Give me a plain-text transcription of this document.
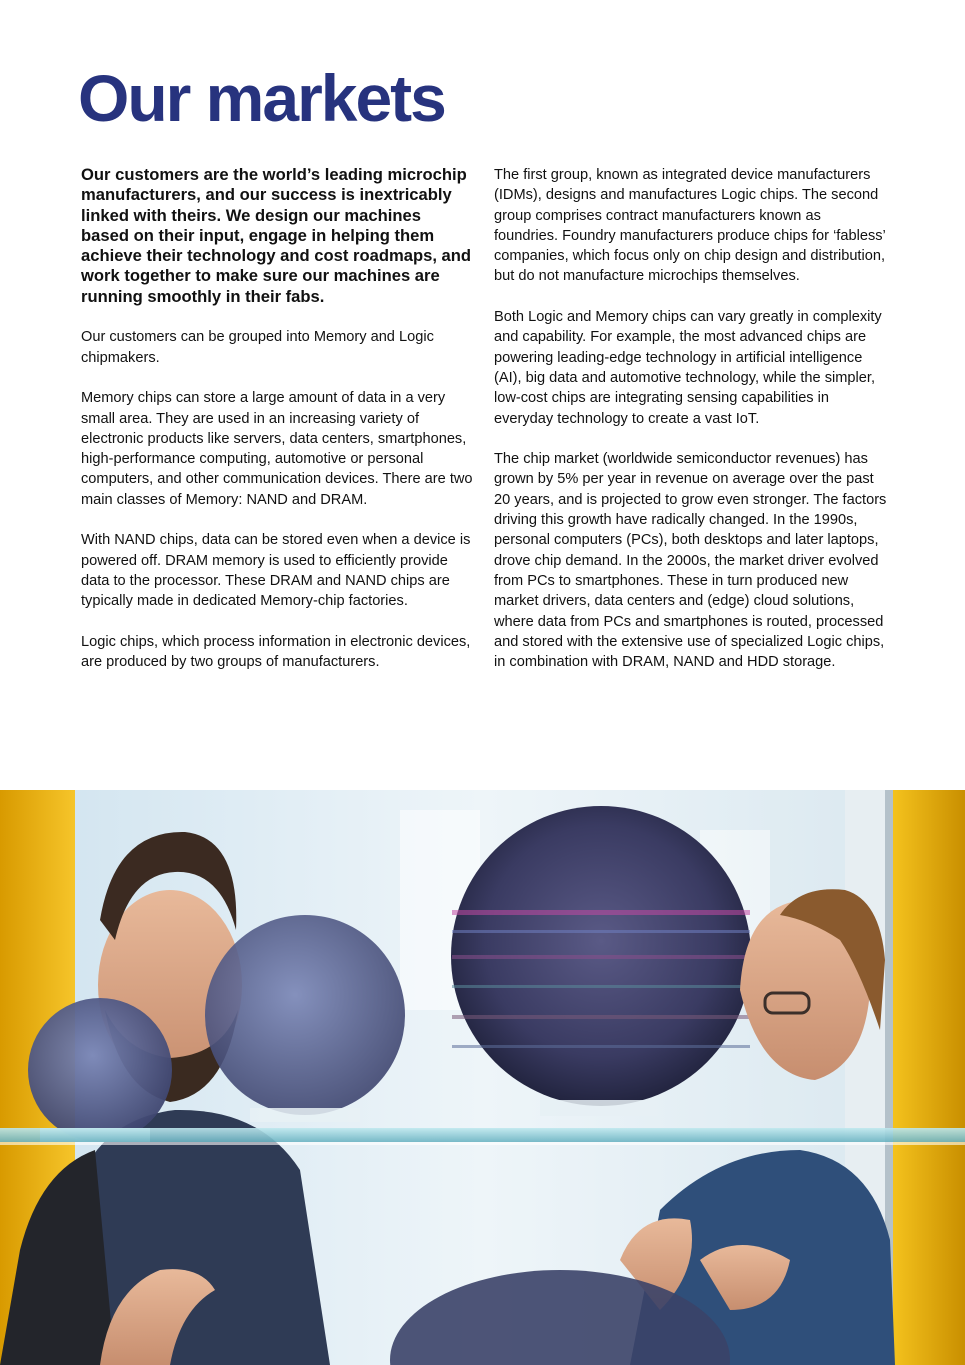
Our markets

Our customers are the world’s leading microchip manufacturers, and our success is inextricably linked with theirs. We design our machines based on their input, engage in helping them achieve their technology and cost roadmaps, and work together to make sure our machines are running smoothly in their fabs.

Our customers can be grouped into Memory and Logic chipmakers.

Memory chips can store a large amount of data in a very small area. They are used in an increasing variety of electronic products like servers, data centers, smartphones, high-performance computing, automotive or personal computers, and other communication devices. There are two main classes of Memory: NAND and DRAM.

With NAND chips, data can be stored even when a device is powered off. DRAM memory is used to efficiently provide data to the processor. These DRAM and NAND chips are typically made in dedicated Memory-chip factories.

Logic chips, which process information in electronic devices, are produced by two groups of manufacturers.

The first group, known as integrated device manufacturers (IDMs), designs and manufactures Logic chips. The second group comprises contract manufacturers known as foundries. Foundry manufacturers produce chips for ‘fabless’ companies, which focus only on chip design and distribution, but do not manufacture microchips themselves.

Both Logic and Memory chips can vary greatly in complexity and capability. For example, the most advanced chips are powering leading-edge technology in artificial intelligence (AI), big data and automotive technology, while the simpler, low-cost chips are integrating sensing capabilities in everyday technology to create a vast IoT.

The chip market (worldwide semiconductor revenues) has grown by 5% per year in revenue on average over the past 20 years, and is projected to grow even stronger. The factors driving this growth have radically changed. In the 1990s, personal computers (PCs), both desktops and later laptops, drove chip demand. In the 2000s, the market driver evolved from PCs to smartphones. These in turn produced new market drivers, data centers and (edge) cloud solutions, where data from PCs and smartphones is routed, processed and stored with the extensive use of specialized Logic chips, in combination with DRAM, NAND and HDD storage.
